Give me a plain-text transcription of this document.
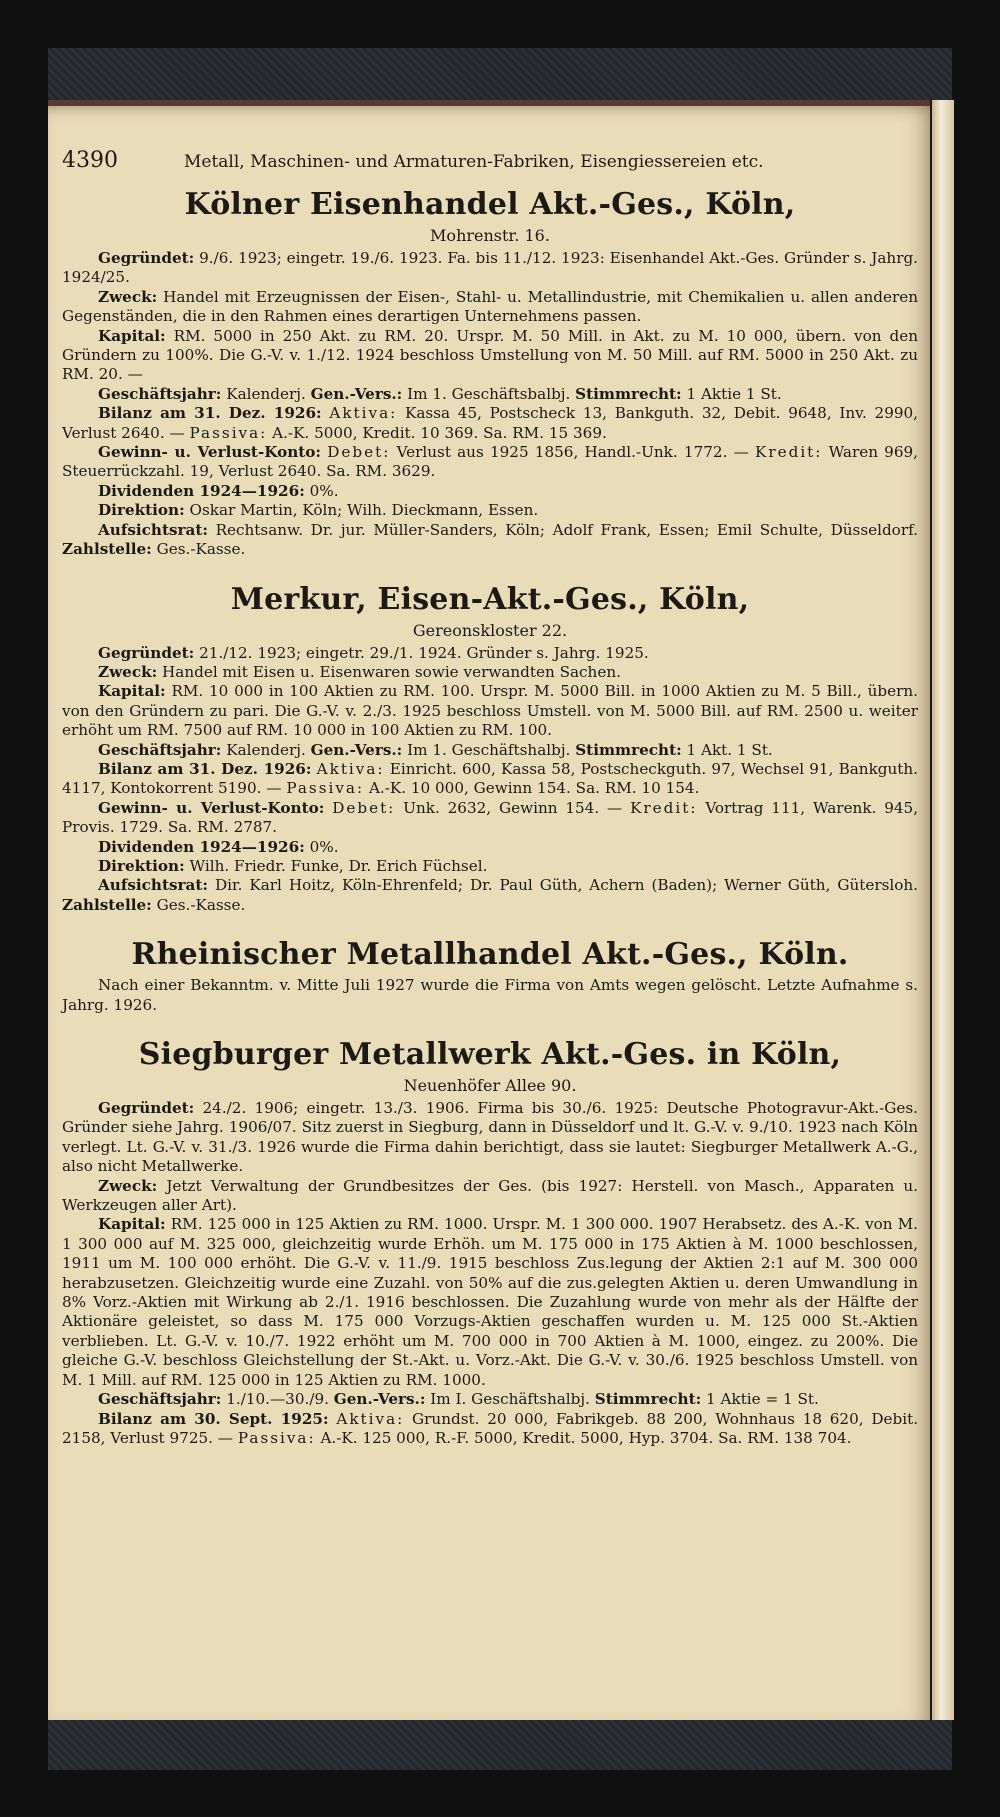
4390	Metall, Maschinen- und Armaturen-Fabriken, Eisengiessereien etc.
Kölner Eisenhandel Akt.-Ges., Köln,
Mohrenstr. 16.

Gegründet: 9./6. 1923; eingetr. 19./6. 1923. Fa. bis 11./12. 1923: Eisenhandel Akt.-Ges. Gründer s. Jahrg. 1924/25.

Zweck: Handel mit Erzeugnissen der Eisen-, Stahl- u. Metallindustrie, mit Chemikalien u. allen anderen Gegenständen, die in den Rahmen eines derartigen Unternehmens passen.

Kapital: RM. 5000 in 250 Akt. zu RM. 20. Urspr. M. 50 Mill. in Akt. zu M. 10 000, übern. von den Gründern zu 100%. Die G.-V. v. 1./12. 1924 beschloss Umstellung von M. 50 Mill. auf RM. 5000 in 250 Akt. zu RM. 20. —

Geschäftsjahr: Kalenderj. Gen.-Vers.: Im 1. Geschäftsbalbj. Stimmrecht: 1 Aktie 1 St.

Bilanz am 31. Dez. 1926: Aktiva: Kassa 45, Postscheck 13, Bankguth. 32, Debit. 9648, Inv. 2990, Verlust 2640. — Passiva: A.-K. 5000, Kredit. 10 369. Sa. RM. 15 369.

Gewinn- u. Verlust-Konto: Debet: Verlust aus 1925 1856, Handl.-Unk. 1772. — Kredit: Waren 969, Steuerrückzahl. 19, Verlust 2640. Sa. RM. 3629.

Dividenden 1924—1926: 0%.

Direktion: Oskar Martin, Köln; Wilh. Dieckmann, Essen.

Aufsichtsrat: Rechtsanw. Dr. jur. Müller-Sanders, Köln; Adolf Frank, Essen; Emil Schulte, Düsseldorf. Zahlstelle: Ges.-Kasse.

Merkur, Eisen-Akt.-Ges., Köln,
Gereonskloster 22.

Gegründet: 21./12. 1923; eingetr. 29./1. 1924. Gründer s. Jahrg. 1925.

Zweck: Handel mit Eisen u. Eisenwaren sowie verwandten Sachen.

Kapital: RM. 10 000 in 100 Aktien zu RM. 100. Urspr. M. 5000 Bill. in 1000 Aktien zu M. 5 Bill., übern. von den Gründern zu pari. Die G.-V. v. 2./3. 1925 beschloss Umstell. von M. 5000 Bill. auf RM. 2500 u. weiter erhöht um RM. 7500 auf RM. 10 000 in 100 Aktien zu RM. 100.

Geschäftsjahr: Kalenderj. Gen.-Vers.: Im 1. Geschäftshalbj. Stimmrecht: 1 Akt. 1 St.

Bilanz am 31. Dez. 1926: Aktiva: Einricht. 600, Kassa 58, Postscheckguth. 97, Wechsel 91, Bankguth. 4117, Kontokorrent 5190. — Passiva: A.-K. 10 000, Gewinn 154. Sa. RM. 10 154.

Gewinn- u. Verlust-Konto: Debet: Unk. 2632, Gewinn 154. — Kredit: Vortrag 111, Warenk. 945, Provis. 1729. Sa. RM. 2787.

Dividenden 1924—1926: 0%.

Direktion: Wilh. Friedr. Funke, Dr. Erich Füchsel.

Aufsichtsrat: Dir. Karl Hoitz, Köln-Ehrenfeld; Dr. Paul Güth, Achern (Baden); Werner Güth, Gütersloh. Zahlstelle: Ges.-Kasse.

Rheinischer Metallhandel Akt.-Ges., Köln.

Nach einer Bekanntm. v. Mitte Juli 1927 wurde die Firma von Amts wegen gelöscht. Letzte Aufnahme s. Jahrg. 1926.

Siegburger Metallwerk Akt.-Ges. in Köln,
Neuenhöfer Allee 90.

Gegründet: 24./2. 1906; eingetr. 13./3. 1906. Firma bis 30./6. 1925: Deutsche Photogravur-Akt.-Ges. Gründer siehe Jahrg. 1906/07. Sitz zuerst in Siegburg, dann in Düsseldorf und lt. G.-V. v. 9./10. 1923 nach Köln verlegt. Lt. G.-V. v. 31./3. 1926 wurde die Firma dahin berichtigt, dass sie lautet: Siegburger Metallwerk A.-G., also nicht Metallwerke.

Zweck: Jetzt Verwaltung der Grundbesitzes der Ges. (bis 1927: Herstell. von Masch., Apparaten u. Werkzeugen aller Art).

Kapital: RM. 125 000 in 125 Aktien zu RM. 1000. Urspr. M. 1 300 000. 1907 Herabsetz. des A.-K. von M. 1 300 000 auf M. 325 000, gleichzeitig wurde Erhöh. um M. 175 000 in 175 Aktien à M. 1000 beschlossen, 1911 um M. 100 000 erhöht. Die G.-V. v. 11./9. 1915 beschloss Zus.legung der Aktien 2:1 auf M. 300 000 herabzusetzen. Gleichzeitig wurde eine Zuzahl. von 50% auf die zus.gelegten Aktien u. deren Umwandlung in 8% Vorz.-Aktien mit Wirkung ab 2./1. 1916 beschlossen. Die Zuzahlung wurde von mehr als der Hälfte der Aktionäre geleistet, so dass M. 175 000 Vorzugs-Aktien geschaffen wurden u. M. 125 000 St.-Aktien verblieben. Lt. G.-V. v. 10./7. 1922 erhöht um M. 700 000 in 700 Aktien à M. 1000, eingez. zu 200%. Die gleiche G.-V. beschloss Gleichstellung der St.-Akt. u. Vorz.-Akt. Die G.-V. v. 30./6. 1925 beschloss Umstell. von M. 1 Mill. auf RM. 125 000 in 125 Aktien zu RM. 1000.

Geschäftsjahr: 1./10.—30./9. Gen.-Vers.: Im I. Geschäftshalbj. Stimmrecht: 1 Aktie = 1 St.

Bilanz am 30. Sept. 1925: Aktiva: Grundst. 20 000, Fabrikgeb. 88 200, Wohnhaus 18 620, Debit. 2158, Verlust 9725. — Passiva: A.-K. 125 000, R.-F. 5000, Kredit. 5000, Hyp. 3704. Sa. RM. 138 704.
